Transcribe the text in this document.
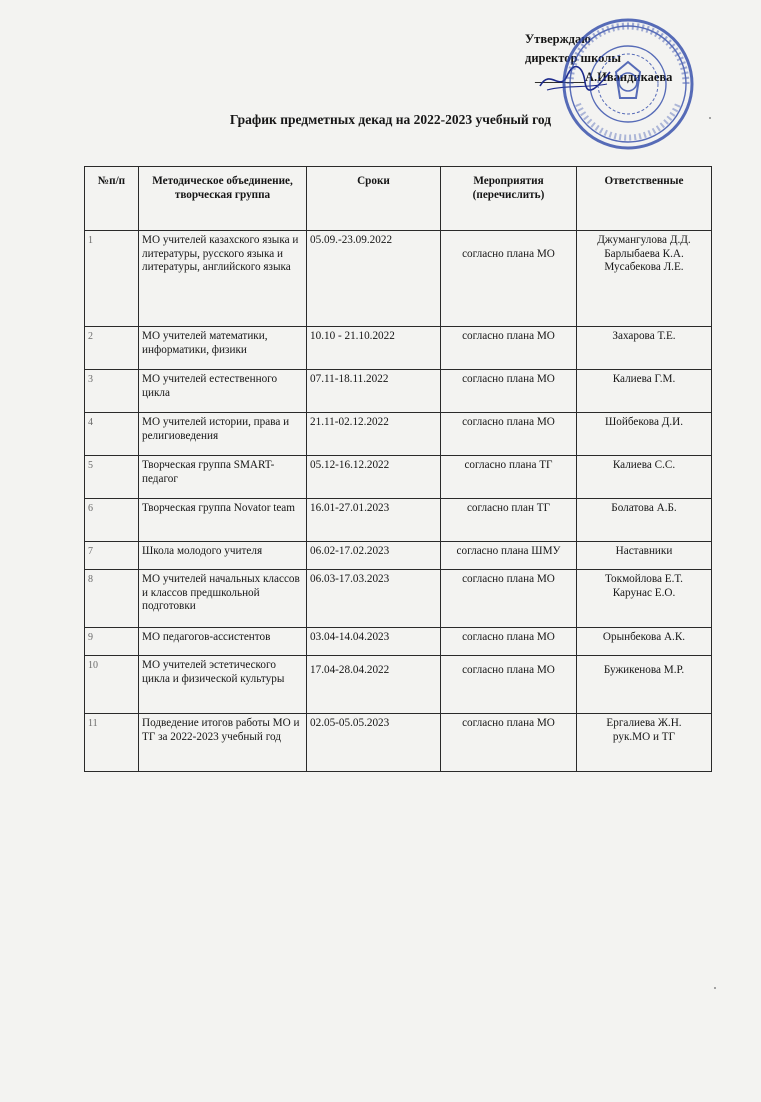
Утверждаю
директор школы
________А.Ивандикаева
График предметных декад на 2022-2023 учебный год
№п/п	Методическое объединение, творческая группа	Сроки	Мероприятия (перечислить)	Ответственные
1	МО учителей казахского языка и литературы, русского языка и литературы, английского языка	05.09.-23.09.2022	согласно плана МО	Джумангулова Д.Д.
Барлыбаева К.А.
Мусабекова Л.Е.

2	МО учителей математики, информатики, физики	10.10 - 21.10.2022	согласно плана МО	Захарова Т.Е.
3	МО учителей естественного цикла	07.11-18.11.2022	согласно плана МО	Калиева Г.М.
4	МО учителей истории, права и религиоведения	21.11-02.12.2022	согласно плана МО	Шойбекова Д.И.
5	Творческая группа SMART-педагог	05.12-16.12.2022	согласно плана ТГ	Калиева С.С.
6	Творческая группа Novator team	16.01-27.01.2023	согласно план ТГ	Болатова А.Б.
7	Школа молодого учителя	06.02-17.02.2023	согласно плана ШМУ	Наставники
8	МО учителей начальных классов и классов предшкольной подготовки	06.03-17.03.2023	согласно плана МО	Токмойлова Е.Т.
Карунас Е.О.

9	МО педагогов-ассистентов	03.04-14.04.2023	согласно плана МО	Орынбекова А.К.
10	МО учителей эстетического цикла и физической культуры	17.04-28.04.2022	согласно плана МО	Бужикенова М.Р.
11	Подведение итогов работы МО и ТГ за 2022-2023 учебный год	02.05-05.05.2023	согласно плана МО	Ергалиева Ж.Н.
рук.МО и ТГ
